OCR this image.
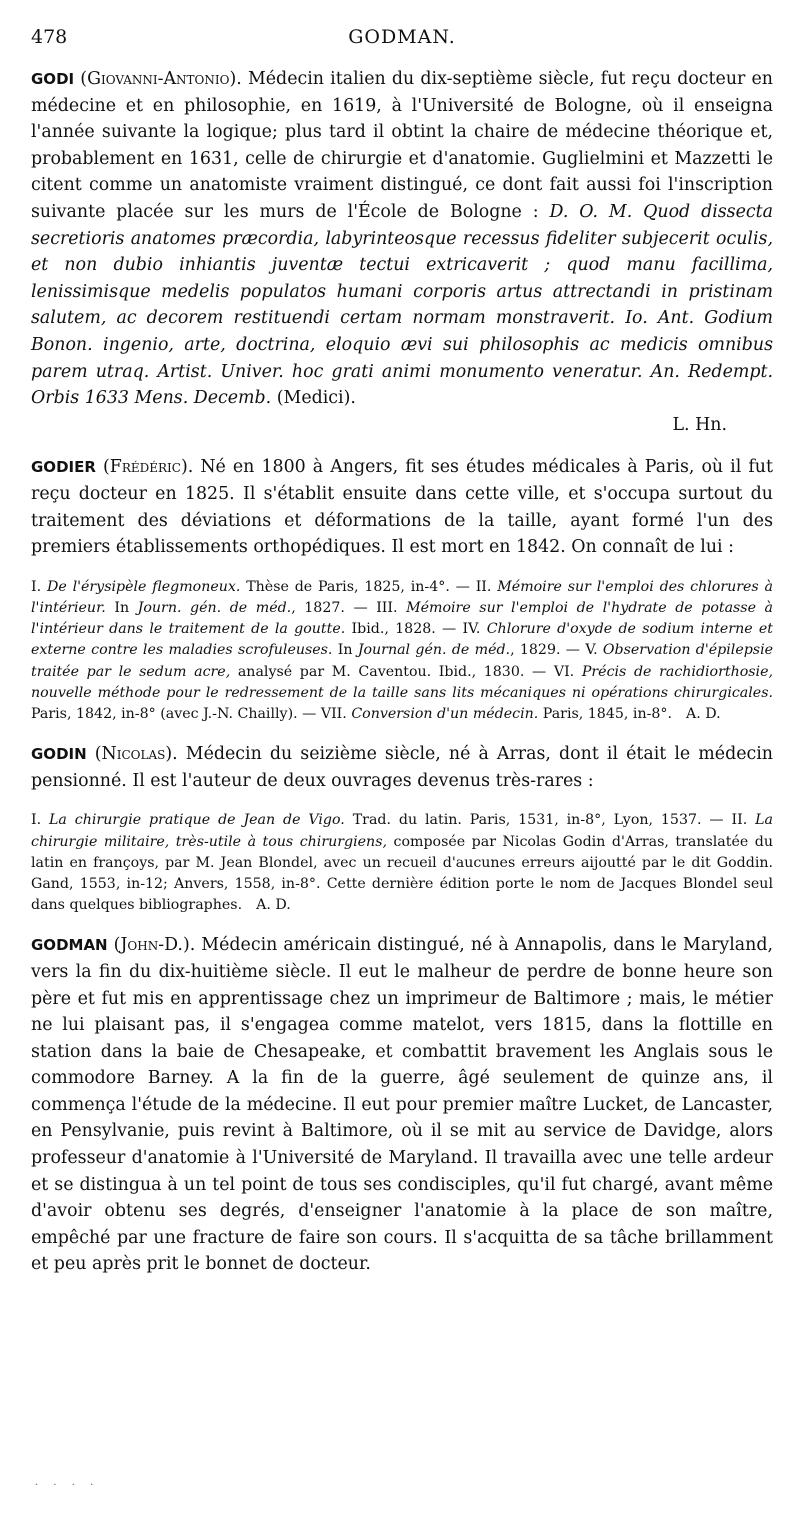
478	GODMAN.

GODI (Giovanni-Antonio). Médecin italien du dix-septième siècle, fut reçu docteur en médecine et en philosophie, en 1619, à l'Université de Bologne, où il enseigna l'année suivante la logique; plus tard il obtint la chaire de médecine théorique et, probablement en 1631, celle de chirurgie et d'anatomie. Guglielmini et Mazzetti le citent comme un anatomiste vraiment distingué, ce dont fait aussi foi l'inscription suivante placée sur les murs de l'École de Bologne : D. O. M. Quod dissecta secretioris anatomes præcordia, labyrinteosque recessus fideliter subjecerit oculis, et non dubio inhiantis juventæ tectui extricaverit ; quod manu facillima, lenissimisque medelis populatos humani corporis artus attrectandi in pristinam salutem, ac decorem restituendi certam normam monstraverit. Io. Ant. Godium Bonon. ingenio, arte, doctrina, eloquio ævi sui philosophis ac medicis omnibus parem utraq. Artist. Univer. hoc grati animi monumento veneratur. An. Redempt. Orbis 1633 Mens. Decemb. (Medici).

L. Hn.

GODIER (Frédéric). Né en 1800 à Angers, fit ses études médicales à Paris, où il fut reçu docteur en 1825. Il s'établit ensuite dans cette ville, et s'occupa surtout du traitement des déviations et déformations de la taille, ayant formé l'un des premiers établissements orthopédiques. Il est mort en 1842. On connaît de lui :

I. De l'érysipèle flegmoneux. Thèse de Paris, 1825, in-4°. — II. Mémoire sur l'emploi des chlorures à l'intérieur. In Journ. gén. de méd., 1827. — III. Mémoire sur l'emploi de l'hydrate de potasse à l'intérieur dans le traitement de la goutte. Ibid., 1828. — IV. Chlorure d'oxyde de sodium interne et externe contre les maladies scrofuleuses. In Journal gén. de méd., 1829. — V. Observation d'épilepsie traitée par le sedum acre, analysé par M. Caventou. Ibid., 1830. — VI. Précis de rachidiorthosie, nouvelle méthode pour le redressement de la taille sans lits mécaniques ni opérations chirurgicales. Paris, 1842, in-8° (avec J.-N. Chailly). — VII. Conversion d'un médecin. Paris, 1845, in-8°. A. D.

GODIN (Nicolas). Médecin du seizième siècle, né à Arras, dont il était le médecin pensionné. Il est l'auteur de deux ouvrages devenus très-rares :

I. La chirurgie pratique de Jean de Vigo. Trad. du latin. Paris, 1531, in-8°, Lyon, 1537. — II. La chirurgie militaire, très-utile à tous chirurgiens, composée par Nicolas Godin d'Arras, translatée du latin en françoys, par M. Jean Blondel, avec un recueil d'aucunes erreurs aijoutté par le dit Goddin. Gand, 1553, in-12; Anvers, 1558, in-8°. Cette dernière édition porte le nom de Jacques Blondel seul dans quelques bibliographes. A. D.

GODMAN (John-D.). Médecin américain distingué, né à Annapolis, dans le Maryland, vers la fin du dix-huitième siècle. Il eut le malheur de perdre de bonne heure son père et fut mis en apprentissage chez un imprimeur de Baltimore ; mais, le métier ne lui plaisant pas, il s'engagea comme matelot, vers 1815, dans la flottille en station dans la baie de Chesapeake, et combattit bravement les Anglais sous le commodore Barney. A la fin de la guerre, âgé seulement de quinze ans, il commença l'étude de la médecine. Il eut pour premier maître Lucket, de Lancaster, en Pensylvanie, puis revint à Baltimore, où il se mit au service de Davidge, alors professeur d'anatomie à l'Université de Maryland. Il travailla avec une telle ardeur et se distingua à un tel point de tous ses condisciples, qu'il fut chargé, avant même d'avoir obtenu ses degrés, d'enseigner l'anatomie à la place de son maître, empêché par une fracture de faire son cours. Il s'acquitta de sa tâche brillamment et peu après prit le bonnet de docteur.

· · · ·
